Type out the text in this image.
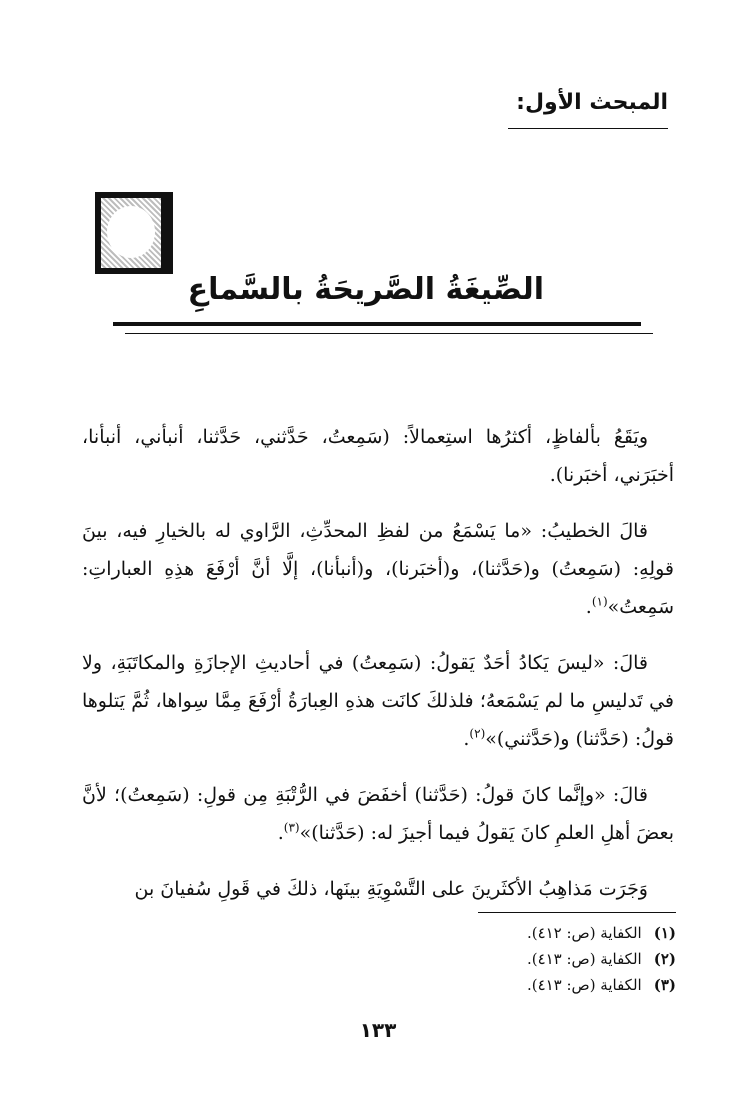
المبحث الأول:
الصِّيغَةُ الصَّريحَةُ بالسَّماعِ

ويَقَعُ بألفاظٍ، أكثرُها استِعمالاً: (سَمِعتُ، حَدَّثني، حَدَّثنا، أنبأني، أنبأنا، أخبَرَني، أخبَرنا).

قالَ الخطيبُ: «ما يَسْمَعُ من لفظِ المحدِّثِ، الرَّاوي له بالخيارِ فيه، بينَ قولِهِ: (سَمِعتُ) و(حَدَّثنا)، و(أخبَرنا)، و(أنبأنا)، إلَّا أنَّ أرْفَعَ هذِهِ العباراتِ: سَمِعتُ»$^{(١)}$.

قالَ: «ليسَ يَكادُ أحَدٌ يَقولُ: (سَمِعتُ) في أحاديثِ الإجازَةِ والمكاتَبَةِ، ولا في تَدليسِ ما لم يَسْمَعهُ؛ فلذلكَ كانَت هذهِ العِبارَةُ أرْفَعَ مِمَّا سِواها، ثُمَّ يَتلوها قولُ: (حَدَّثنا) و(حَدَّثني)»$^{(٢)}$.

قالَ: «وإنَّما كانَ قولُ: (حَدَّثنا) أخفَضَ في الرُّتْبَةِ مِن قولِ: (سَمِعتُ)؛ لأنَّ بعضَ أهلِ العلمِ كانَ يَقولُ فيما أجيزَ له: (حَدَّثنا)»$^{(٣)}$.

وَجَرَت مَذاهِبُ الأكثَرينَ على التَّسْوِيَةِ بينَها، ذلكَ في قَولِ سُفيانَ بن

(١)الكفاية (ص: ٤١٢).
(٢)الكفاية (ص: ٤١٣).
(٣)الكفاية (ص: ٤١٣).
١٣٣
